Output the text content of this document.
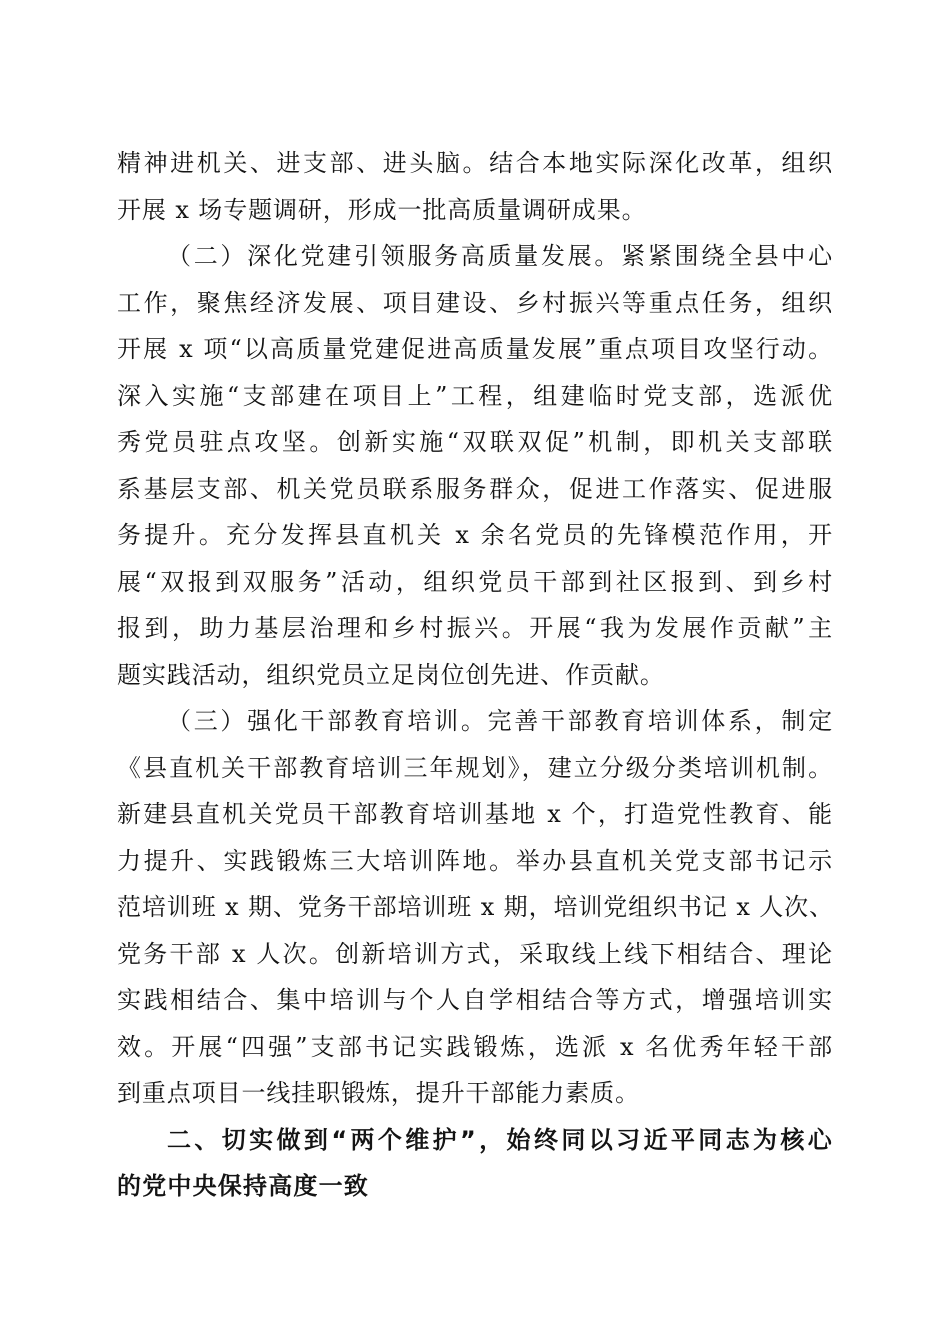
精神进机关、进支部、进头脑。结合本地实际深化改革，组织
开展 x 场专题调研，形成一批高质量调研成果。
（二）深化党建引领服务高质量发展。紧紧围绕全县中心
工作，聚焦经济发展、项目建设、乡村振兴等重点任务，组织
开展 x 项“以高质量党建促进高质量发展”重点项目攻坚行动。
深入实施“支部建在项目上”工程，组建临时党支部，选派优
秀党员驻点攻坚。创新实施“双联双促”机制，即机关支部联
系基层支部、机关党员联系服务群众，促进工作落实、促进服
务提升。充分发挥县直机关 x 余名党员的先锋模范作用，开
展“双报到双服务”活动，组织党员干部到社区报到、到乡村
报到，助力基层治理和乡村振兴。开展“我为发展作贡献”主
题实践活动，组织党员立足岗位创先进、作贡献。
（三）强化干部教育培训。完善干部教育培训体系，制定
《县直机关干部教育培训三年规划》，建立分级分类培训机制。
新建县直机关党员干部教育培训基地 x 个，打造党性教育、能
力提升、实践锻炼三大培训阵地。举办县直机关党支部书记示
范培训班 x 期、党务干部培训班 x 期，培训党组织书记 x 人次、
党务干部 x 人次。创新培训方式，采取线上线下相结合、理论
实践相结合、集中培训与个人自学相结合等方式，增强培训实
效。开展“四强”支部书记实践锻炼，选派 x 名优秀年轻干部
到重点项目一线挂职锻炼，提升干部能力素质。
二、切实做到“两个维护”，始终同以习近平同志为核心
的党中央保持高度一致
